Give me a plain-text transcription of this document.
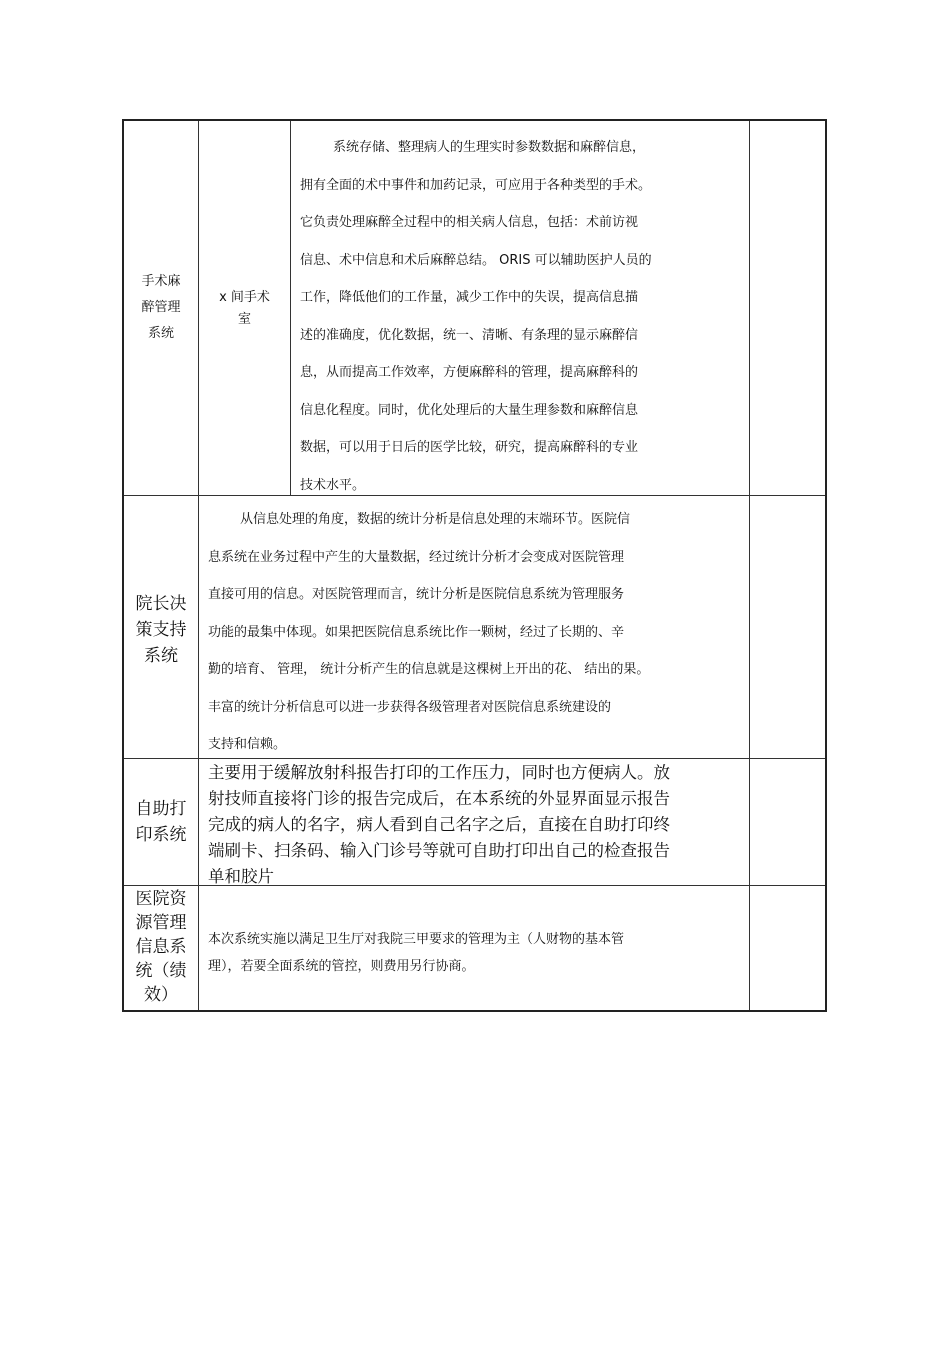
手术麻
醉管理
系统
x 间手术
室

系统存储、整理病人的生理实时参数数据和麻醉信息，

拥有全面的术中事件和加药记录，可应用于各种类型的手术。

它负责处理麻醉全过程中的相关病人信息，包括：术前访视

信息、术中信息和术后麻醉总结。 ORIS 可以辅助医护人员的

工作，降低他们的工作量，减少工作中的失误，提高信息描

述的准确度，优化数据，统一、清晰、有条理的显示麻醉信

息，从而提高工作效率，方便麻醉科的管理，提高麻醉科的

信息化程度。同时，优化处理后的大量生理参数和麻醉信息

数据，可以用于日后的医学比较，研究，提高麻醉科的专业

技术水平。

院长决
策支持
系统

从信息处理的角度，数据的统计分析是信息处理的末端环节。医院信

息系统在业务过程中产生的大量数据，经过统计分析才会变成对医院管理

直接可用的信息。对医院管理而言，统计分析是医院信息系统为管理服务

功能的最集中体现。如果把医院信息系统比作一颗树，经过了长期的、辛

勤的培育、 管理， 统计分析产生的信息就是这棵树上开出的花、 结出的果。

丰富的统计分析信息可以进一步获得各级管理者对医院信息系统建设的

支持和信赖。

自助打
印系统

主要用于缓解放射科报告打印的工作压力，同时也方便病人。放

射技师直接将门诊的报告完成后，在本系统的外显界面显示报告

完成的病人的名字，病人看到自己名字之后，直接在自助打印终

端刷卡、扫条码、输入门诊号等就可自助打印出自己的检查报告

单和胶片

医院资
源管理
信息系
统（绩
效）

本次系统实施以满足卫生厅对我院三甲要求的管理为主（人财物的基本管

理），若要全面系统的管控，则费用另行协商。
